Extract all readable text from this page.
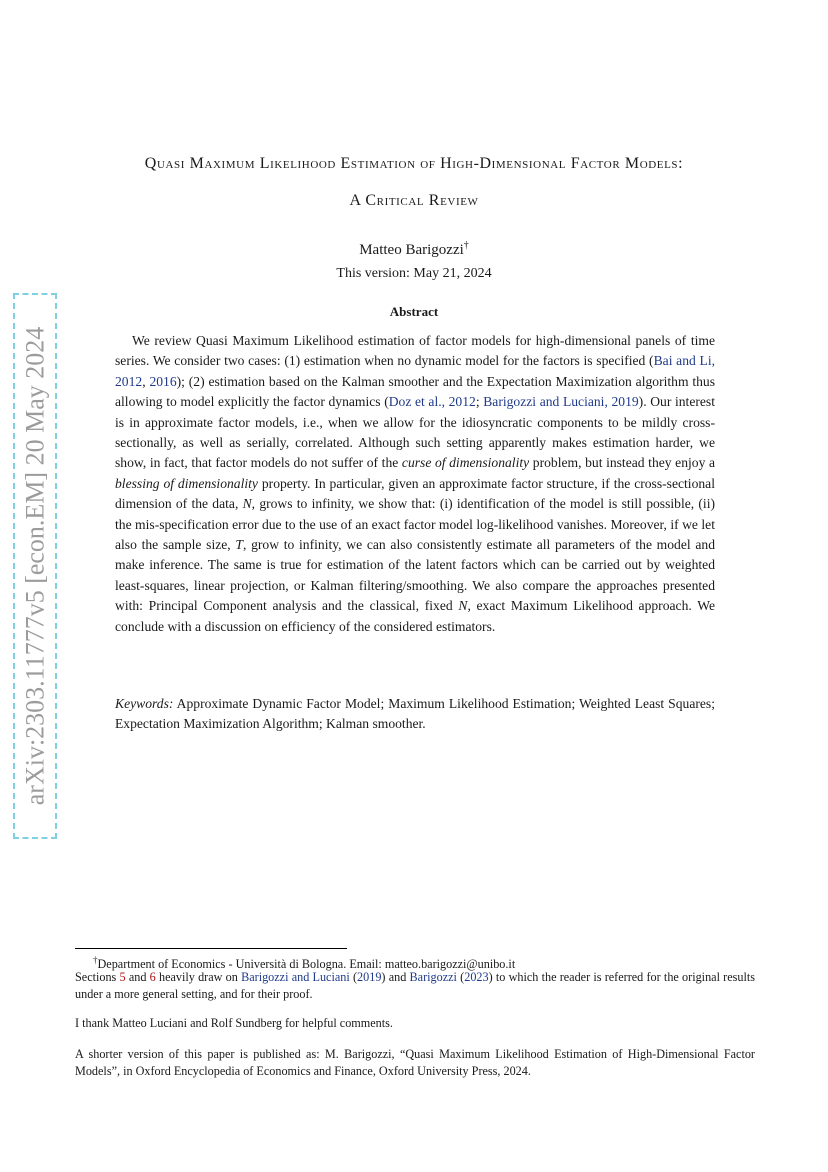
arXiv:2303.11777v5 [econ.EM] 20 May 2024
Quasi Maximum Likelihood Estimation of High-Dimensional Factor Models:
A Critical Review
Matteo Barigozzi†
This version: May 21, 2024
Abstract

We review Quasi Maximum Likelihood estimation of factor models for high-dimensional panels of time series. We consider two cases: (1) estimation when no dynamic model for the factors is specified (Bai and Li, 2012, 2016); (2) estimation based on the Kalman smoother and the Expectation Maximization algorithm thus allowing to model explicitly the factor dynamics (Doz et al., 2012; Barigozzi and Luciani, 2019). Our interest is in approximate factor models, i.e., when we allow for the idiosyncratic components to be mildly cross-sectionally, as well as serially, correlated. Although such setting apparently makes estimation harder, we show, in fact, that factor models do not suffer of the curse of dimensionality problem, but instead they enjoy a blessing of dimensionality property. In particular, given an approximate factor structure, if the cross-sectional dimension of the data, N, grows to infinity, we show that: (i) identification of the model is still possible, (ii) the mis-specification error due to the use of an exact factor model log-likelihood vanishes. Moreover, if we let also the sample size, T, grow to infinity, we can also consistently estimate all parameters of the model and make inference. The same is true for estimation of the latent factors which can be carried out by weighted least-squares, linear projection, or Kalman filtering/smoothing. We also compare the approaches presented with: Principal Component analysis and the classical, fixed N, exact Maximum Likelihood approach. We conclude with a discussion on efficiency of the considered estimators.

Keywords: Approximate Dynamic Factor Model; Maximum Likelihood Estimation; Weighted Least Squares; Expectation Maximization Algorithm; Kalman smoother.

†Department of Economics - Università di Bologna. Email: matteo.barigozzi@unibo.it

Sections 5 and 6 heavily draw on Barigozzi and Luciani (2019) and Barigozzi (2023) to which the reader is referred for the original results under a more general setting, and for their proof.

I thank Matteo Luciani and Rolf Sundberg for helpful comments.

A shorter version of this paper is published as: M. Barigozzi, “Quasi Maximum Likelihood Estimation of High-Dimensional Factor Models”, in Oxford Encyclopedia of Economics and Finance, Oxford University Press, 2024.
